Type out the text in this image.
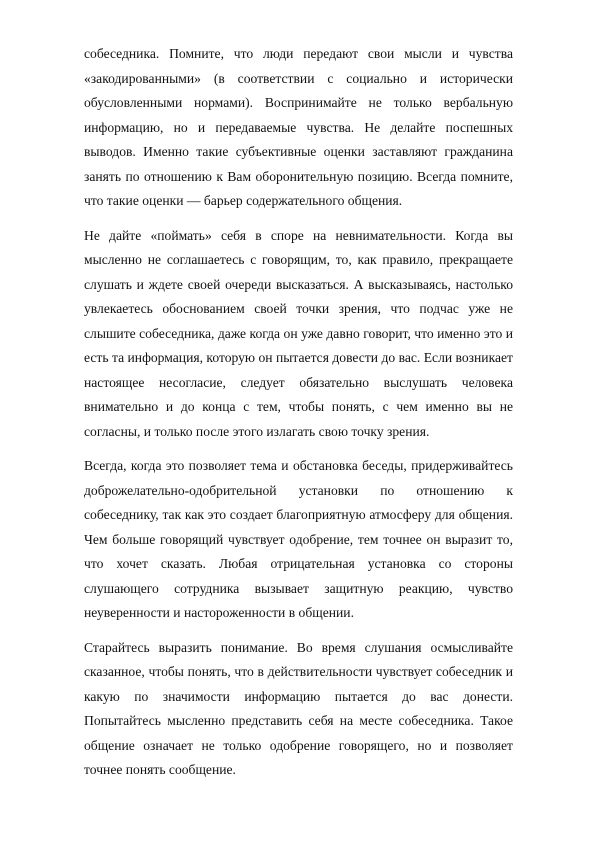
собеседника. Помните, что люди передают свои мысли и чувства «закодированными» (в соответствии с социально и исторически обусловленными нормами). Воспринимайте не только вербальную информацию, но и передаваемые чувства. Не делайте поспешных выводов. Именно такие субъективные оценки заставляют гражданина занять по отношению к Вам оборонительную позицию. Всегда помните, что такие оценки — барьер содержательного общения.

Не дайте «поймать» себя в споре на невнимательности. Когда вы мысленно не соглашаетесь с говорящим, то, как правило, прекращаете слушать и ждете своей очереди высказаться. А высказываясь, настолько увлекаетесь обоснованием своей точки зрения, что подчас уже не слышите собеседника, даже когда он уже давно говорит, что именно это и есть та информация, которую он пытается довести до вас. Если возникает настоящее несогласие, следует обязательно выслушать человека внимательно и до конца с тем, чтобы понять, с чем именно вы не согласны, и только после этого излагать свою точку зрения.

Всегда, когда это позволяет тема и обстановка беседы, придерживайтесь доброжелательно-одобрительной установки по отношению к собеседнику, так как это создает благоприятную атмосферу для общения. Чем больше говорящий чувствует одобрение, тем точнее он выразит то, что хочет сказать. Любая отрицательная установка со стороны слушающего сотрудника вызывает защитную реакцию, чувство неуверенности и настороженности в общении.

Старайтесь выразить понимание. Во время слушания осмысливайте сказанное, чтобы понять, что в действительности чувствует собеседник и какую по значимости информацию пытается до вас донести. Попытайтесь мысленно представить себя на месте собеседника. Такое общение означает не только одобрение говорящего, но и позволяет точнее понять сообщение.
